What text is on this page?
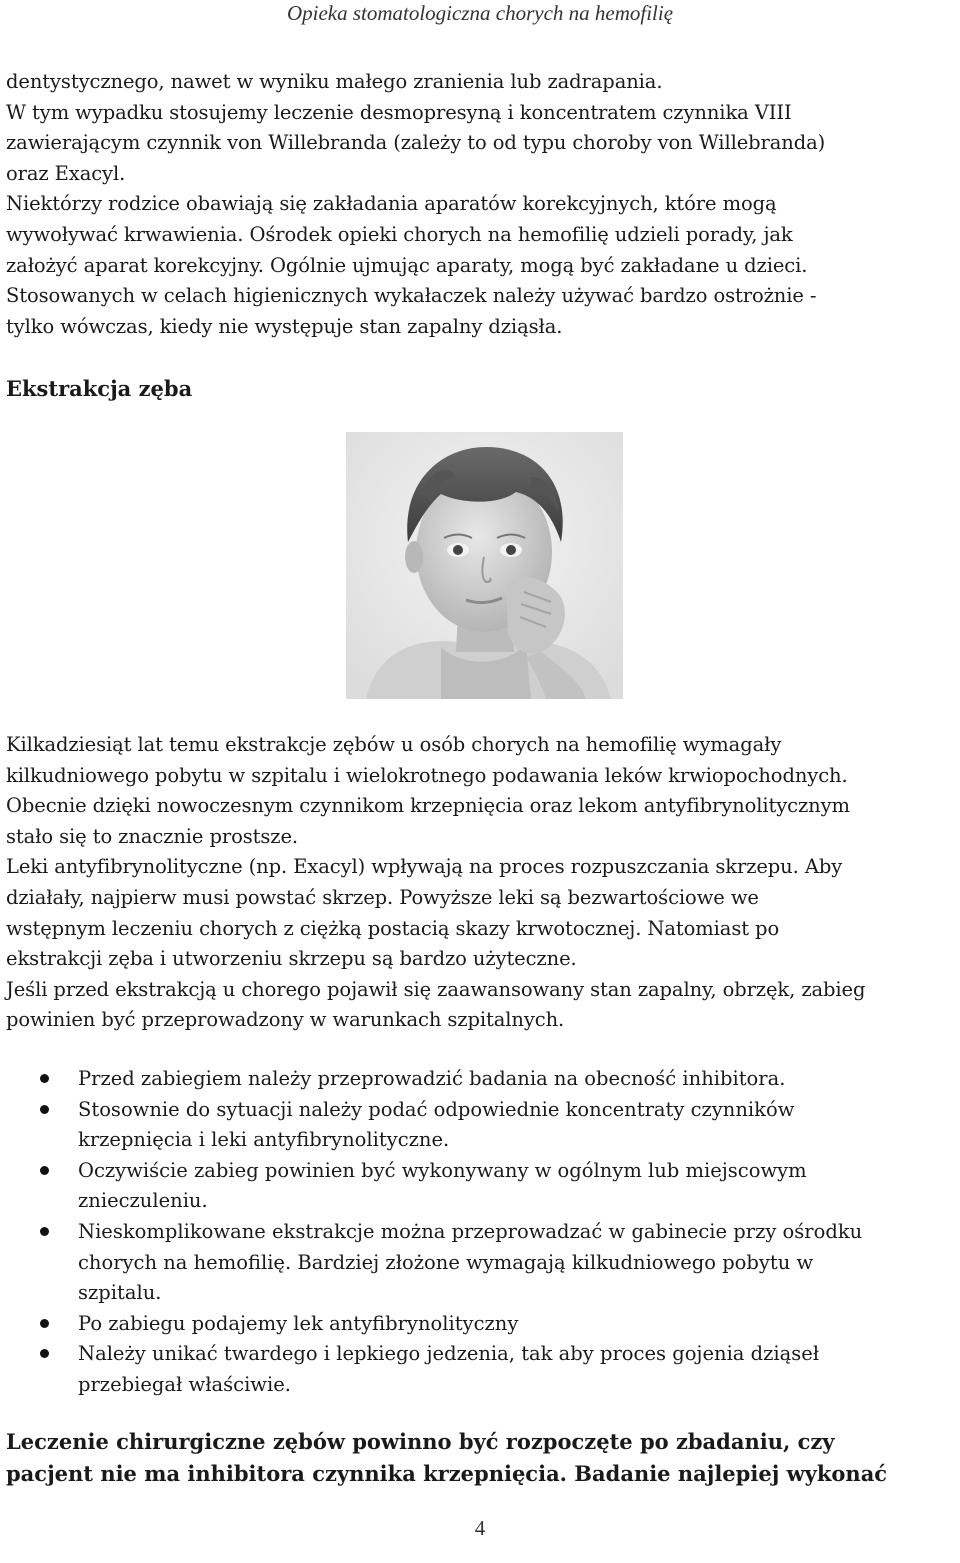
Opieka stomatologiczna chorych na hemofilię
dentystycznego, nawet w wyniku małego zranienia lub zadrapania.
W tym wypadku stosujemy leczenie desmopresyną i koncentratem czynnika VIII
zawierającym czynnik von Willebranda (zależy to od typu choroby von Willebranda)
oraz Exacyl.
Niektórzy rodzice obawiają się zakładania aparatów korekcyjnych, które mogą
wywoływać krwawienia. Ośrodek opieki chorych na hemofilię udzieli porady, jak
założyć aparat korekcyjny. Ogólnie ujmując aparaty, mogą być zakładane u dzieci.
Stosowanych w celach higienicznych wykałaczek należy używać bardzo ostrożnie -
tylko wówczas, kiedy nie występuje stan zapalny dziąsła.
Ekstrakcja zęba
Kilkadziesiąt lat temu ekstrakcje zębów u osób chorych na hemofilię wymagały
kilkudniowego pobytu w szpitalu i wielokrotnego podawania leków krwiopochodnych.
Obecnie dzięki nowoczesnym czynnikom krzepnięcia oraz lekom antyfibrynolitycznym
stało się to znacznie prostsze.
Leki antyfibrynolityczne (np. Exacyl) wpływają na proces rozpuszczania skrzepu. Aby
działały, najpierw musi powstać skrzep. Powyższe leki są bezwartościowe we
wstępnym leczeniu chorych z ciężką postacią skazy krwotocznej. Natomiast po
ekstrakcji zęba i utworzeniu skrzepu są bardzo użyteczne.
Jeśli przed ekstrakcją u chorego pojawił się zaawansowany stan zapalny, obrzęk, zabieg
powinien być przeprowadzony w warunkach szpitalnych.
Przed zabiegiem należy przeprowadzić badania na obecność inhibitora.
Stosownie do sytuacji należy podać odpowiednie koncentraty czynników
krzepnięcia i leki antyfibrynolityczne.
Oczywiście zabieg powinien być wykonywany w ogólnym lub miejscowym
znieczuleniu.
Nieskomplikowane ekstrakcje można przeprowadzać w gabinecie przy ośrodku
chorych na hemofilię. Bardziej złożone wymagają kilkudniowego pobytu w
szpitalu.
Po zabiegu podajemy lek antyfibrynolityczny
Należy unikać twardego i lepkiego jedzenia, tak aby proces gojenia dziąseł
przebiegał właściwie.
Leczenie chirurgiczne zębów powinno być rozpoczęte po zbadaniu, czy
pacjent nie ma inhibitora czynnika krzepnięcia. Badanie najlepiej wykonać
4
